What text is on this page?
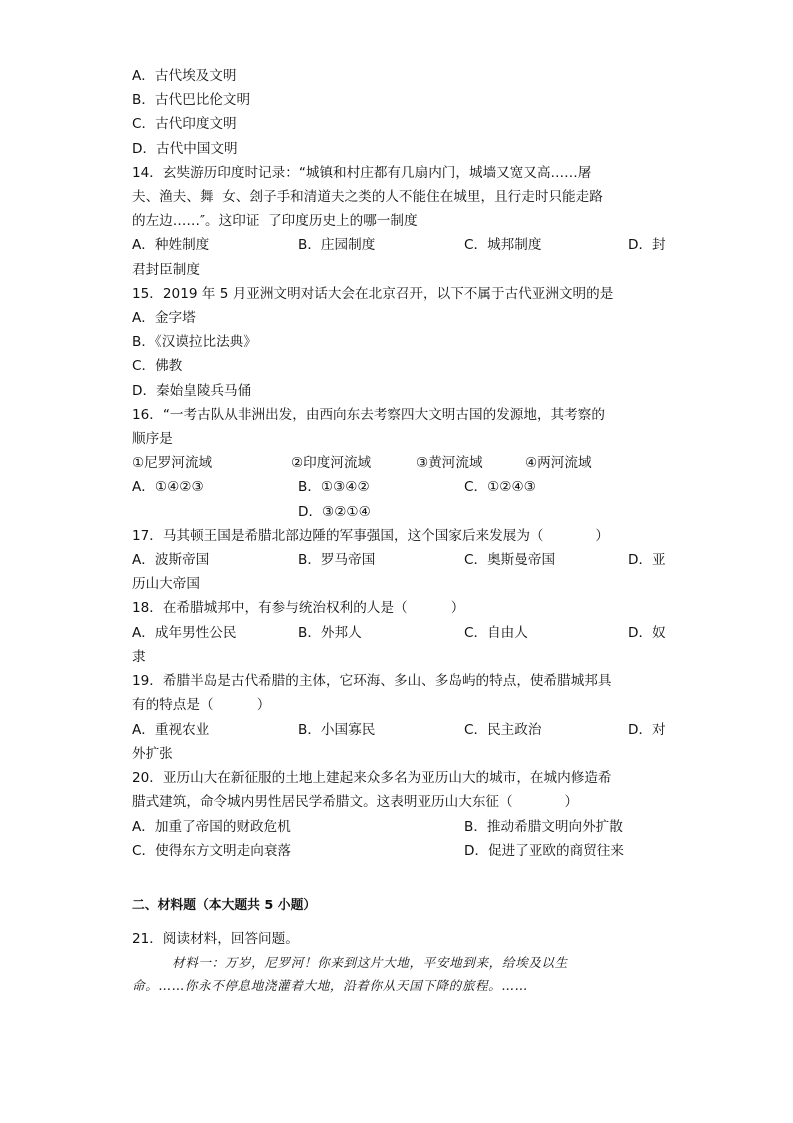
A．古代埃及文明
B．古代巴比伦文明
C．古代印度文明
D．古代中国文明
14．玄奘游历印度时记录：“城镇和村庄都有几扇内门，城墙又宽又高……屠
夫、渔夫、舞  女、刽子手和清道夫之类的人不能住在城里，且行走时只能走路
的左边……″。这印证  了印度历史上的哪一制度
A．种姓制度	B．庄园制度	C．城邦制度	D．封
君封臣制度
15．2019 年 5 月亚洲文明对话大会在北京召开，以下不属于古代亚洲文明的是
A．金字塔
B．《汉谟拉比法典》
C．佛教
D．秦始皇陵兵马俑
16．“一考古队从非洲出发，由西向东去考察四大文明古国的发源地，其考察的
顺序是
①尼罗河流域	②印度河流域	③黄河流域	④两河流域
A．①④②③	B．①③④②	C．①②④③
D．③②①④
17．马其顿王国是希腊北部边陲的军事强国，这个国家后来发展为（            ）
A．波斯帝国	B．罗马帝国	C．奥斯曼帝国	D．亚
历山大帝国
18．在希腊城邦中，有参与统治权利的人是（          ）
A．成年男性公民	B．外邦人	C．自由人	D．奴
隶
19．希腊半岛是古代希腊的主体，它环海、多山、多岛屿的特点，使希腊城邦具
有的特点是（          ）
A．重视农业	B．小国寡民	C．民主政治	D．对
外扩张
20．亚历山大在新征服的土地上建起来众多名为亚历山大的城市，在城内修造希
腊式建筑，命令城内男性居民学希腊文。这表明亚历山大东征（            ）
A．加重了帝国的财政危机	B．推动希腊文明向外扩散
C．使得东方文明走向衰落	D．促进了亚欧的商贸往来
二、材料题（本大题共 5 小题）
21．阅读材料，回答问题。
材料一：万岁，尼罗河！你来到这片大地，平安地到来，给埃及以生
命。……你永不停息地浇灌着大地，沿着你从天国下降的旅程。……
